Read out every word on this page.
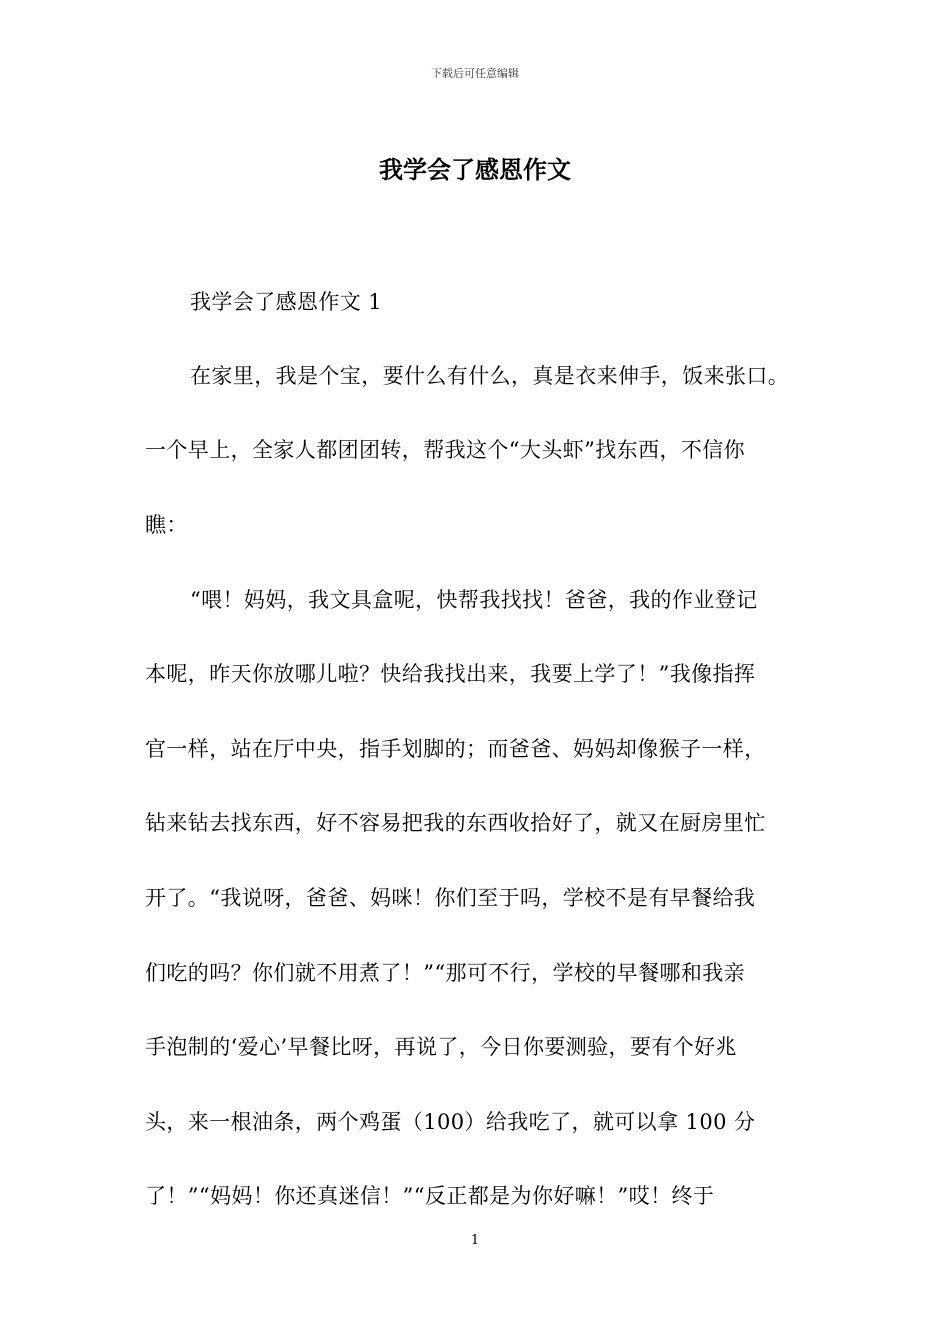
下载后可任意编辑
我学会了感恩作文
我学会了感恩作文 1
在家里，我是个宝，要什么有什么，真是衣来伸手，饭来张口。
一个早上，全家人都团团转，帮我这个“大头虾”找东西，不信你
瞧：
“喂！妈妈，我文具盒呢，快帮我找找！爸爸，我的作业登记
本呢，昨天你放哪儿啦？快给我找出来，我要上学了！”我像指挥
官一样，站在厅中央，指手划脚的；而爸爸、妈妈却像猴子一样，
钻来钻去找东西，好不容易把我的东西收拾好了，就又在厨房里忙
开了。“我说呀，爸爸、妈咪！你们至于吗，学校不是有早餐给我
们吃的吗？你们就不用煮了！”“那可不行，学校的早餐哪和我亲
手泡制的‘爱心’早餐比呀，再说了，今日你要测验，要有个好兆
头，来一根油条，两个鸡蛋（100）给我吃了，就可以拿 100 分
了！”“妈妈！你还真迷信！”“反正都是为你好嘛！”哎！终于
1
